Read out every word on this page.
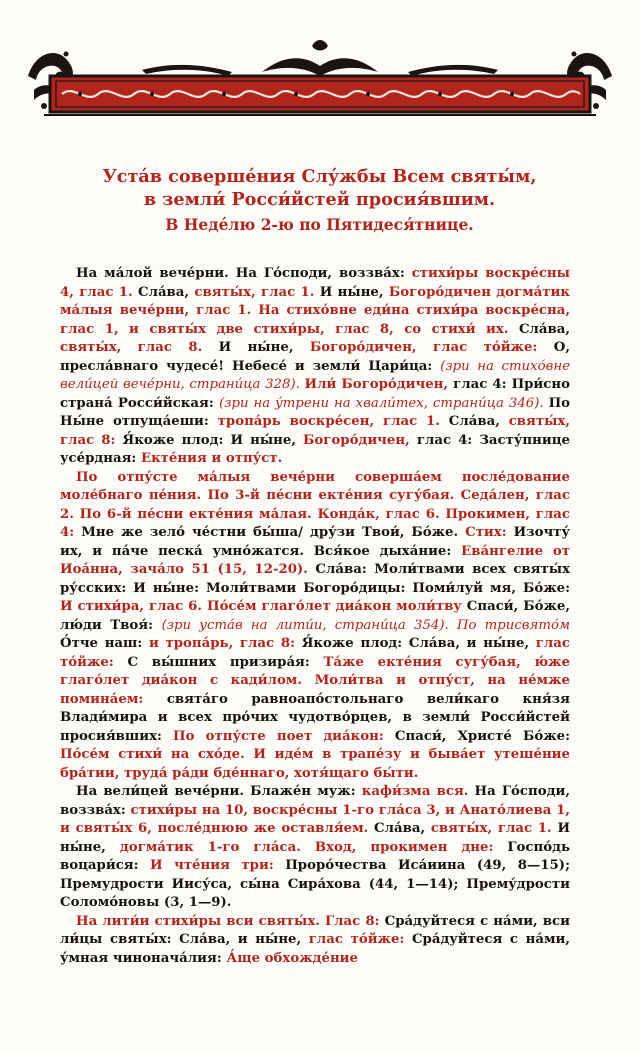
Уста́в соверше́ния Слу́жбы Всем святы́м,
в земли́ Росси́йстей просия́вшим.
В Неде́лю 2-ю по Пятидеся́тнице.

На ма́лой вече́рни. На Го́споди, воззва́х: стихи́ры воскре́сны 4, глас 1. Сла́ва, святы́х, глас 1. И ны́не, Богоро́дичен догма́тик ма́лыя вече́рни, глас 1. На стихо́вне еди́на стихи́ра воскре́сна, глас 1, и святы́х две стихи́ры, глас 8, со стихи́ их. Сла́ва, святы́х, глас 8. И ны́не, Богоро́дичен, глас то́йже: О, пресла́внаго чудесе́! Небесе́ и земли́ Цари́ца: (зри на стихо́вне вели́цей вече́рни, страни́ца 328). Или́ Богоро́дичен, глас 4: При́сно страна́ Росси́йская: (зри на у́трени на хвали́тех, страни́ца 346). По Ны́не отпуща́еши: тропа́рь воскре́сен, глас 1. Сла́ва, святы́х, глас 8: Я́коже плод: И ны́не, Богоро́дичен, глас 4: Засту́пнице усе́рдная: Екте́ния и отпу́ст.

По отпу́сте ма́лыя вече́рни соверша́ем после́дование моле́бнаго пе́ния. По 3-й пе́сни екте́ния сугу́бая. Седа́лен, глас 2. По 6-й пе́сни екте́ния ма́лая. Конда́к, глас 6. Прокимен, глас 4: Мне же зело́ че́стни бы́ша/ дру́зи Твои́, Бо́же. Стих: Изочту́ их, и па́че песка́ умно́жатся. Вся́кое дыха́ние: Ева́нгелие от Иоа́нна, зача́ло 51 (15, 12-20). Сла́ва: Моли́твами всех святы́х ру́сских: И ны́не: Моли́твами Богоро́дицы: Поми́луй мя, Бо́же: И стихи́ра, глас 6. По́се́м глаго́лет диа́кон моли́тву Спаси́, Бо́же, лю́ди Твоя́: (зри уста́в на лити́и, страни́ца 354). По трисвято́м О́тче наш: и тропа́рь, глас 8: Я́коже плод: Сла́ва, и ны́не, глас то́йже: С вы́шних призира́я: Та́же екте́ния сугу́бая, ю́же глаго́лет диа́кон с кади́лом. Моли́тва и отпу́ст, на не́мже помина́ем: свята́го равноапо́стольнаго вели́каго кня́зя Влади́мира и всех про́чих чудотво́рцев, в земли́ Росси́йстей просия́вших: По отпу́сте поет диа́кон: Спаси́, Христе́ Бо́же: По́се́м стихи́ на схо́де. И иде́м в трапе́зу и быва́ет утеше́ние бра́тии, труда́ ра́ди бде́ннаго, хотя́щаго бы́ти.

На вели́цей вече́рни. Блаже́н муж: кафи́зма вся. На Го́споди, воззва́х: стихи́ры на 10, воскре́сны 1-го гла́са 3, и Анато́лиева 1, и святы́х 6, после́днюю же оставля́ем. Сла́ва, святы́х, глас 1. И ны́не, догма́тик 1-го гла́са. Вход, прокимен дне: Госпо́дь воцари́ся: И чте́ния три: Проро́чества Иса́иина (49, 8—15); Премудрости Иису́са, сы́на Сира́хова (44, 1—14); Прему́дрости Соломо́новы (3, 1—9).

На лити́и стихи́ры вси святы́х. Глас 8: Сра́дуйтеся с на́ми, вси ли́цы святы́х: Сла́ва, и ны́не, глас то́йже: Сра́дуйтеся с на́ми, у́мная чинонача́лия: А́ще обхожде́ние
